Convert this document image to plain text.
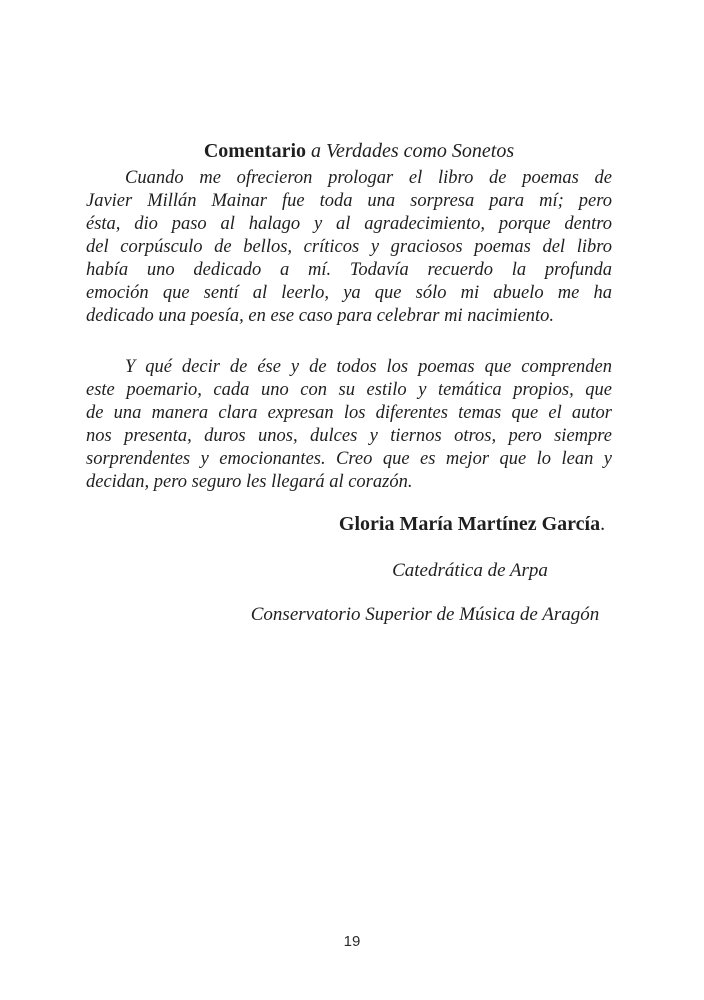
Comentario a Verdades como Sonetos

Cuando me ofrecieron prologar el libro de poemas de
Javier Millán Mainar fue toda una sorpresa para mí; pero
ésta, dio paso al halago y al agradecimiento, porque dentro
del corpúsculo de bellos, críticos y graciosos poemas del libro
había uno dedicado a mí. Todavía recuerdo la profunda
emoción que sentí al leerlo, ya que sólo mi abuelo me ha
dedicado una poesía, en ese caso para celebrar mi nacimiento.
Y qué decir de ése y de todos los poemas que comprenden
este poemario, cada uno con su estilo y temática propios, que
de una manera clara expresan los diferentes temas que el autor
nos presenta, duros unos, dulces y tiernos otros, pero siempre
sorprendentes y emocionantes. Creo que es mejor que lo lean y
decidan, pero seguro les llegará al corazón.
Gloria María Martínez García.
Catedrática de Arpa
Conservatorio Superior de Música de Aragón
19
